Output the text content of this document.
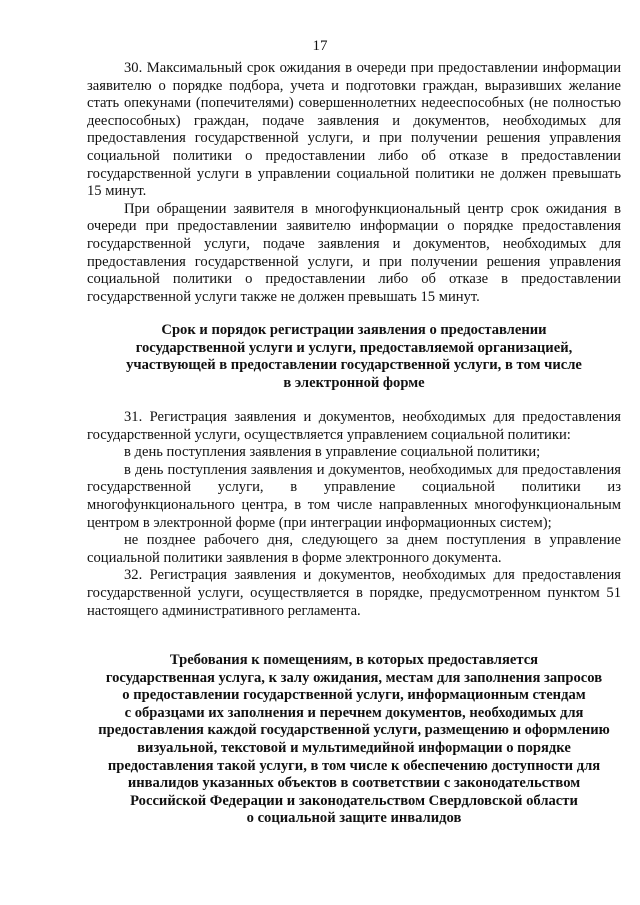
17

30. Максимальный срок ожидания в очереди при предоставлении информации заявителю о порядке подбора, учета и подготовки граждан, выразивших желание стать опекунами (попечителями) совершеннолетних недееспособных (не полностью дееспособных) граждан, подаче заявления и документов, необходимых для предоставления государственной услуги, и при получении решения управления социальной политики о предоставлении либо об отказе в предоставлении государственной услуги в управлении социальной политики не должен превышать 15 минут.

При обращении заявителя в многофункциональный центр срок ожидания в очереди при предоставлении заявителю информации о порядке предоставления государственной услуги, подаче заявления и документов, необходимых для предоставления государственной услуги, и при получении решения управления социальной политики о предоставлении либо об отказе в предоставлении государственной услуги также не должен превышать 15 минут.

Срок и порядок регистрации заявления о предоставлении
государственной услуги и услуги, предоставляемой организацией,
участвующей в предоставлении государственной услуги, в том числе
в электронной форме

31. Регистрация заявления и документов, необходимых для предоставления государственной услуги, осуществляется управлением социальной политики:

в день поступления заявления в управление социальной политики;

в день поступления заявления и документов, необходимых для предоставления государственной услуги, в управление социальной политики из многофункционального центра, в том числе направленных многофункциональным центром в электронной форме (при интеграции информационных систем);

не позднее рабочего дня, следующего за днем поступления в управление социальной политики заявления в форме электронного документа.

32. Регистрация заявления и документов, необходимых для предоставления государственной услуги, осуществляется в порядке, предусмотренном пунктом 51 настоящего административного регламента.

Требования к помещениям, в которых предоставляется
государственная услуга, к залу ожидания, местам для заполнения запросов
о предоставлении государственной услуги, информационным стендам
с образцами их заполнения и перечнем документов, необходимых для
предоставления каждой государственной услуги, размещению и оформлению
визуальной, текстовой и мультимедийной информации о порядке
предоставления такой услуги, в том числе к обеспечению доступности для
инвалидов указанных объектов в соответствии с законодательством
Российской Федерации и законодательством Свердловской области
о социальной защите инвалидов
